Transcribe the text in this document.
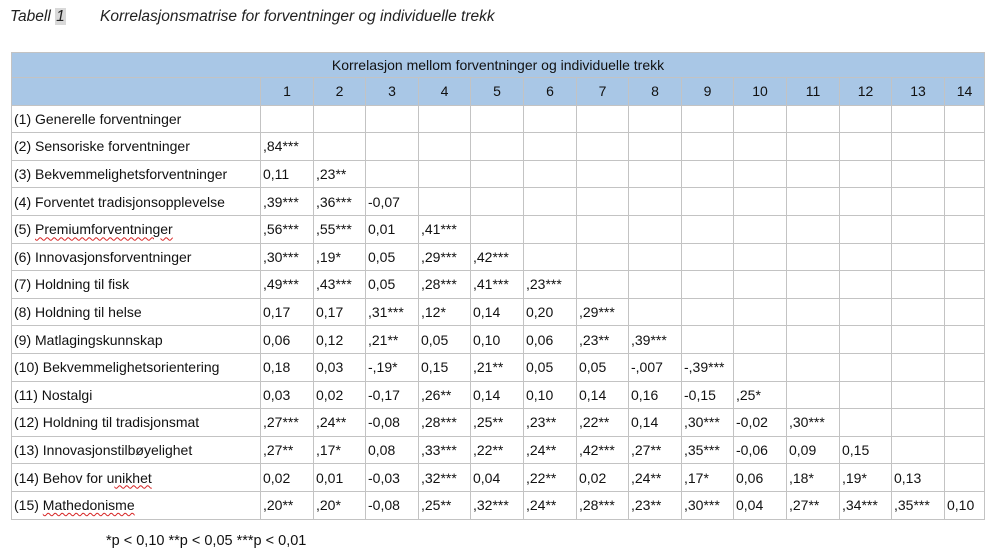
Tabell 1 Korrelasjonsmatrise for forventninger og individuelle trekk
Korrelasjon mellom forventninger og individuelle trekk														
	1	2	3	4	5	6	7	8	9	10	11	12	13	14
(1) Generelle forventninger														
(2) Sensoriske forventninger	,84***													
(3) Bekvemmelighetsforventninger	0,11	,23**												
(4) Forventet tradisjonsopplevelse	,39***	,36***	-0,07											
(5) Premiumforventninger	,56***	,55***	0,01	,41***										
(6) Innovasjonsforventninger	,30***	,19*	0,05	,29***	,42***									
(7) Holdning til fisk	,49***	,43***	0,05	,28***	,41***	,23***								
(8) Holdning til helse	0,17	0,17	,31***	,12*	0,14	0,20	,29***							
(9) Matlagingskunnskap	0,06	0,12	,21**	0,05	0,10	0,06	,23**	,39***						
(10) Bekvemmelighetsorientering	0,18	0,03	-,19*	0,15	,21**	0,05	0,05	-,007	-,39***					
(11) Nostalgi	0,03	0,02	-0,17	,26**	0,14	0,10	0,14	0,16	-0,15	,25*				
(12) Holdning til tradisjonsmat	,27***	,24**	-0,08	,28***	,25**	,23**	,22**	0,14	,30***	-0,02	,30***			
(13) Innovasjonstilbøyelighet	,27**	,17*	0,08	,33***	,22**	,24**	,42***	,27**	,35***	-0,06	0,09	0,15		
(14) Behov for unikhet	0,02	0,01	-0,03	,32***	0,04	,22**	0,02	,24**	,17*	0,06	,18*	,19*	0,13	
(15) Mathedonisme	,20**	,20*	-0,08	,25**	,32***	,24**	,28***	,23**	,30***	0,04	,27**	,34***	,35***	0,10
*p < 0,10 **p < 0,05 ***p < 0,01
